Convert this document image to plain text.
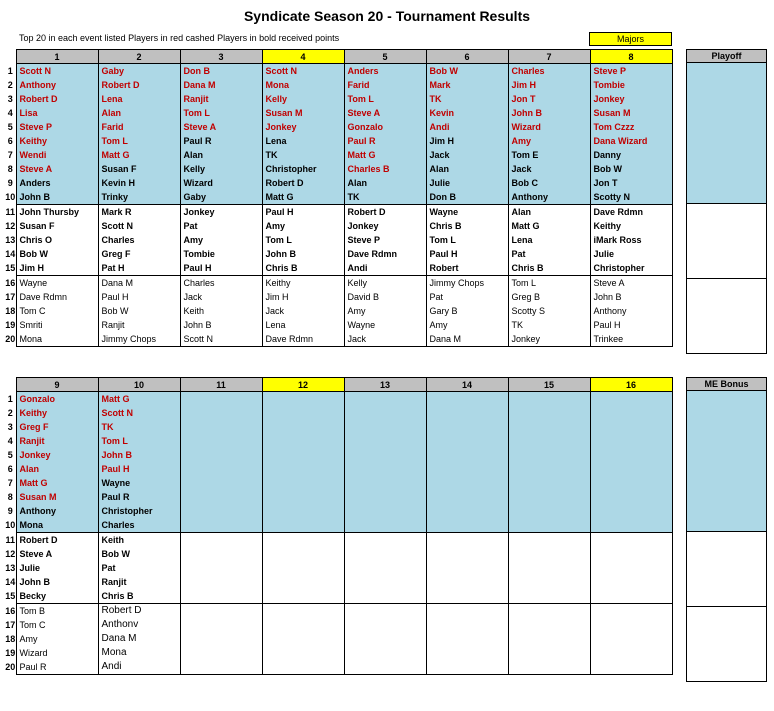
Syndicate Season 20 - Tournament Results
Top 20 in each event listed Players in red cashed Players in bold received points	Majors
	1	2	3	4	5	6	7	8
1	Scott N	Gaby	Don B	Scott N	Anders	Bob W	Charles	Steve P
2	Anthony	Robert D	Dana M	Mona	Farid	Mark	Jim H	Tombie
3	Robert D	Lena	Ranjit	Kelly	Tom L	TK	Jon T	Jonkey
4	Lisa	Alan	Tom L	Susan M	Steve A	Kevin	John B	Susan M
5	Steve P	Farid	Steve A	Jonkey	Gonzalo	Andi	Wizard	Tom Czzz
6	Keithy	Tom L	Paul R	Lena	Paul R	Jim H	Amy	Dana Wizard
7	Wendi	Matt G	Alan	TK	Matt G	Jack	Tom E	Danny
8	Steve A	Susan F	Kelly	Christopher	Charles B	Alan	Jack	Bob W
9	Anders	Kevin H	Wizard	Robert D	Alan	Julie	Bob C	Jon T
10	John B	Trinky	Gaby	Matt G	TK	Don B	Anthony	Scotty N
11	John Thursby	Mark R	Jonkey	Paul H	Robert D	Wayne	Alan	Dave Rdmn
12	Susan F	Scott N	Pat	Amy	Jonkey	Chris B	Matt G	Keithy
13	Chris O	Charles	Amy	Tom L	Steve P	Tom L	Lena	iMark Ross
14	Bob W	Greg F	Tombie	John B	Dave Rdmn	Paul H	Pat	Julie
15	Jim H	Pat H	Paul H	Chris B	Andi	Robert	Chris B	Christopher
16	Wayne	Dana M	Charles	Keithy	Kelly	Jimmy Chops	Tom L	Steve A
17	Dave Rdmn	Paul H	Jack	Jim H	David B	Pat	Greg B	John B
18	Tom C	Bob W	Keith	Jack	Amy	Gary B	Scotty S	Anthony
19	Smriti	Ranjit	John B	Lena	Wayne	Amy	TK	Paul H
20	Mona	Jimmy Chops	Scott N	Dave Rdmn	Jack	Dana M	Jonkey	Trinkee
	9	10	11	12	13	14	15	16
1	Gonzalo	Matt G						
2	Keithy	Scott N						
3	Greg F	TK						
4	Ranjit	Tom L						
5	Jonkey	John B						
6	Alan	Paul H						
7	Matt G	Wayne						
8	Susan M	Paul R						
9	Anthony	Christopher						
10	Mona	Charles						
11	Robert D	Keith						
12	Steve A	Bob W						
13	Julie	Pat						
14	John B	Ranjit						
15	Becky	Chris B						
16	Tom B	Robert D						
17	Tom C	Anthonv						
18	Amy	Dana M						
19	Wizard	Mona						
20	Paul R	Andi						
Playoff

ME Bonus
